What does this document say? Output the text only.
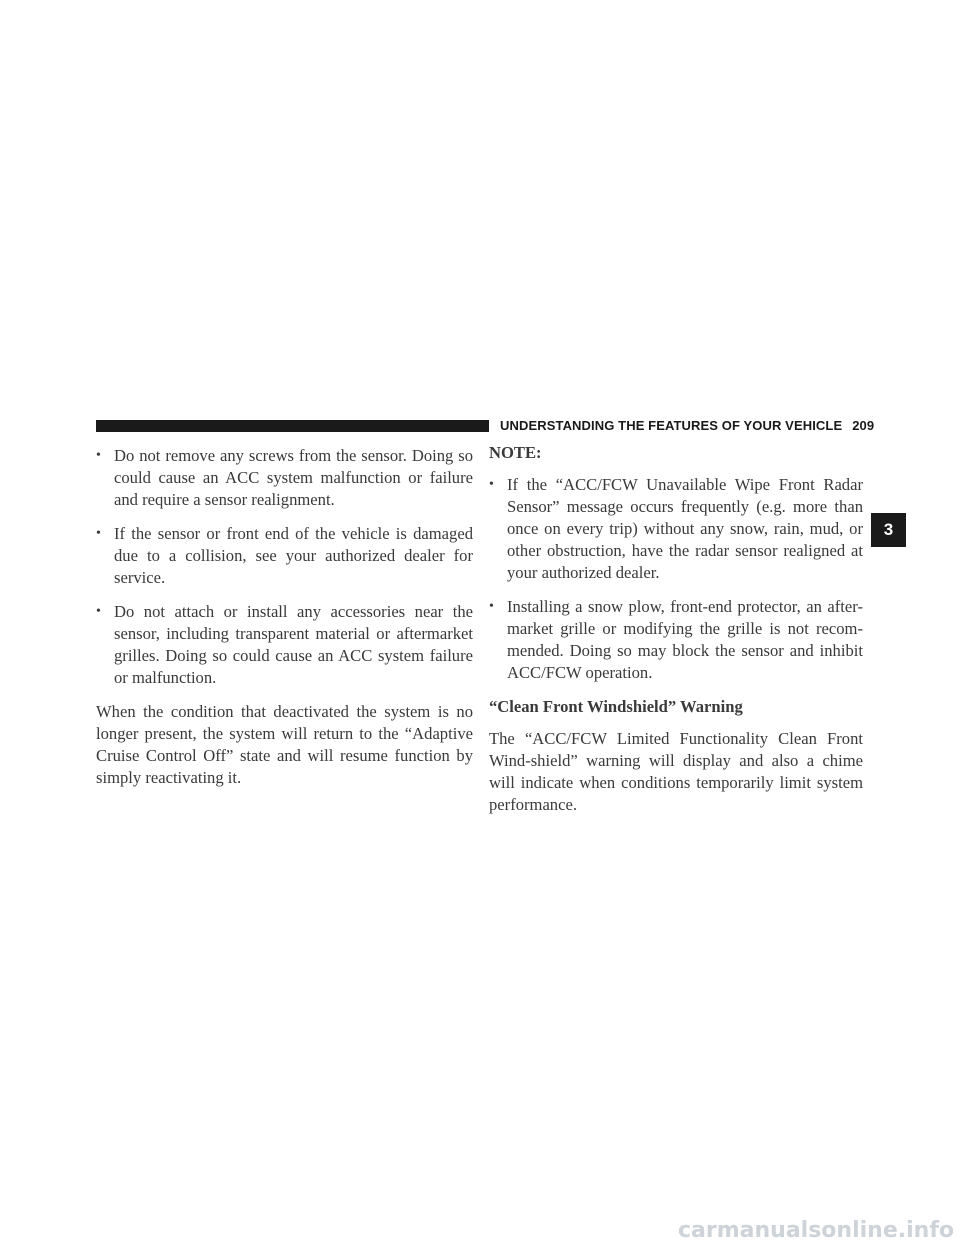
UNDERSTANDING THE FEATURES OF YOUR VEHICLE 209
• Do not remove any screws from the sensor. Doing so could cause an ACC system malfunction or failure and require a sensor realignment.
• If the sensor or front end of the vehicle is damaged due to a collision, see your authorized dealer for service.
• Do not attach or install any accessories near the sensor, including transparent material or aftermarket grilles. Doing so could cause an ACC system failure or malfunction.

When the condition that deactivated the system is no longer present, the system will return to the “Adaptive Cruise Control Off” state and will resume function by simply reactivating it.

NOTE:

• If the “ACC/FCW Unavailable Wipe Front Radar Sensor” message occurs frequently (e.g. more than once on every trip) without any snow, rain, mud, or other obstruction, have the radar sensor realigned at your authorized dealer.
• Installing a snow plow, front-end protector, an after-market grille or modifying the grille is not recom-mended. Doing so may block the sensor and inhibit ACC/FCW operation.

“Clean Front Windshield” Warning

The “ACC/FCW Limited Functionality Clean Front Wind-shield” warning will display and also a chime will indicate when conditions temporarily limit system performance.

3
carmanualsonline.info
